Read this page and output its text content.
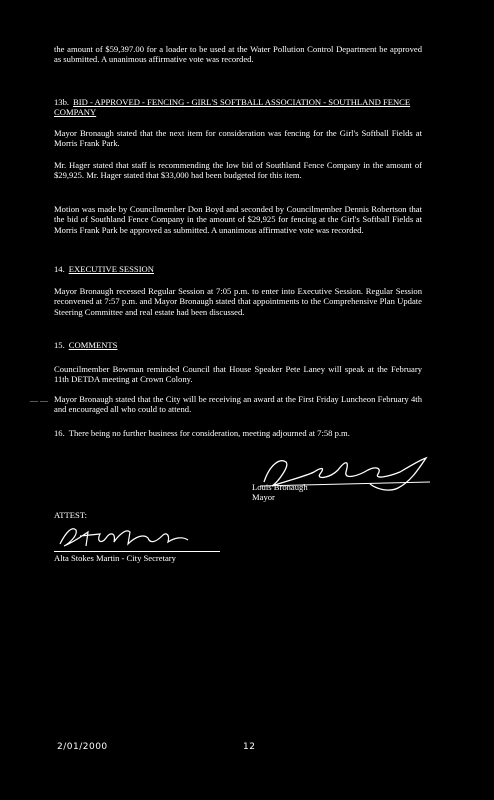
the amount of $59,397.00 for a loader to be used at the Water Pollution Control Department be approved as submitted. A unanimous affirmative vote was recorded.

13b. BID - APPROVED - FENCING - GIRL'S SOFTBALL ASSOCIATION - SOUTHLAND FENCE COMPANY

Mayor Bronaugh stated that the next item for consideration was fencing for the Girl's Softball Fields at Morris Frank Park.

Mr. Hager stated that staff is recommending the low bid of Southland Fence Company in the amount of $29,925. Mr. Hager stated that $33,000 had been budgeted for this item.

Motion was made by Councilmember Don Boyd and seconded by Councilmember Dennis Robertson that the bid of Southland Fence Company in the amount of $29,925 for fencing at the Girl's Softball Fields at Morris Frank Park be approved as submitted. A unanimous affirmative vote was recorded.

14. EXECUTIVE SESSION

Mayor Bronaugh recessed Regular Session at 7:05 p.m. to enter into Executive Session. Regular Session reconvened at 7:57 p.m. and Mayor Bronaugh stated that appointments to the Comprehensive Plan Update Steering Committee and real estate had been discussed.

15. COMMENTS

Councilmember Bowman reminded Council that House Speaker Pete Laney will speak at the February 11th DETDA meeting at Crown Colony.

— — Mayor Bronaugh stated that the City will be receiving an award at the First Friday Luncheon February 4th and encouraged all who could to attend.

16. There being no further business for consideration, meeting adjourned at 7:58 p.m.
Louis Bronaugh
Mayor
ATTEST:
Alta Stokes Martin - City Secretary
2/01/2000	12
